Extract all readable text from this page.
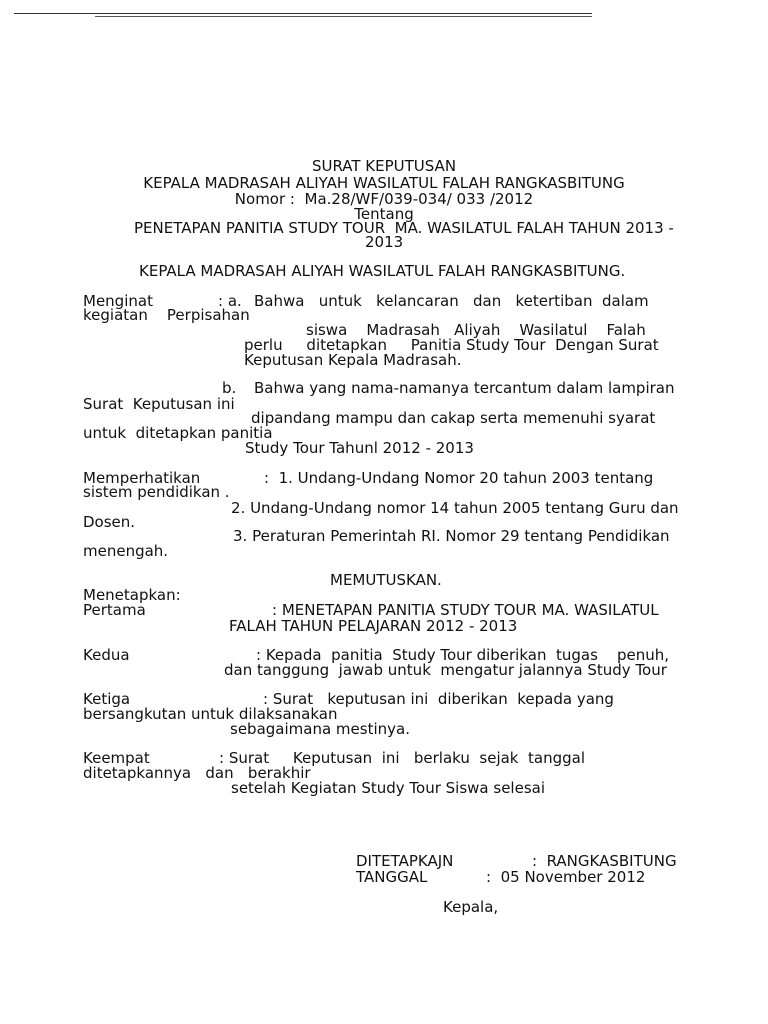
SURAT KEPUTUSAN
KEPALA MADRASAH ALIYAH WASILATUL FALAH RANGKASBITUNG
Nomor :  Ma.28/WF/039-034/ 033 /2012
Tentang
PENETAPAN PANITIA STUDY TOUR  MA. WASILATUL FALAH TAHUN 2013 -
2013
KEPALA MADRASAH ALIYAH WASILATUL FALAH RANGKASBITUNG.
Menginat	: a. Bahwa   untuk   kelancaran   dan   ketertiban  dalam
kegiatan    Perpisahan
siswa    Madrasah   Aliyah    Wasilatul    Falah
perlu     ditetapkan     Panitia Study Tour  Dengan Surat
Keputusan Kepala Madrasah.
b. Bahwa yang nama-namanya tercantum dalam lampiran
Surat  Keputusan ini
dipandang mampu dan cakap serta memenuhi syarat
untuk  ditetapkan panitia
Study Tour Tahunl 2012 - 2013
Memperhatikan	:  1. Undang-Undang Nomor 20 tahun 2003 tentang
sistem pendidikan .
2. Undang-Undang nomor 14 tahun 2005 tentang Guru dan
Dosen.
3. Peraturan Pemerintah RI. Nomor 29 tentang Pendidikan
menengah.
MEMUTUSKAN.
Menetapkan:
Pertama	: MENETAPAN PANITIA STUDY TOUR MA. WASILATUL
FALAH TAHUN PELAJARAN 2012 - 2013
Kedua	: Kepada  panitia  Study Tour diberikan  tugas    penuh,
dan tanggung  jawab untuk  mengatur jalannya Study Tour
Ketiga	: Surat   keputusan ini  diberikan  kepada yang
bersangkutan untuk dilaksanakan
sebagaimana mestinya.
Keempat	: Surat     Keputusan  ini   berlaku  sejak  tanggal
ditetapkannya   dan   berakhir
setelah Kegiatan Study Tour Siswa selesai
DITETAPKAJN	:  RANGKASBITUNG
TANGGAL	:  05 November 2012
Kepala,
